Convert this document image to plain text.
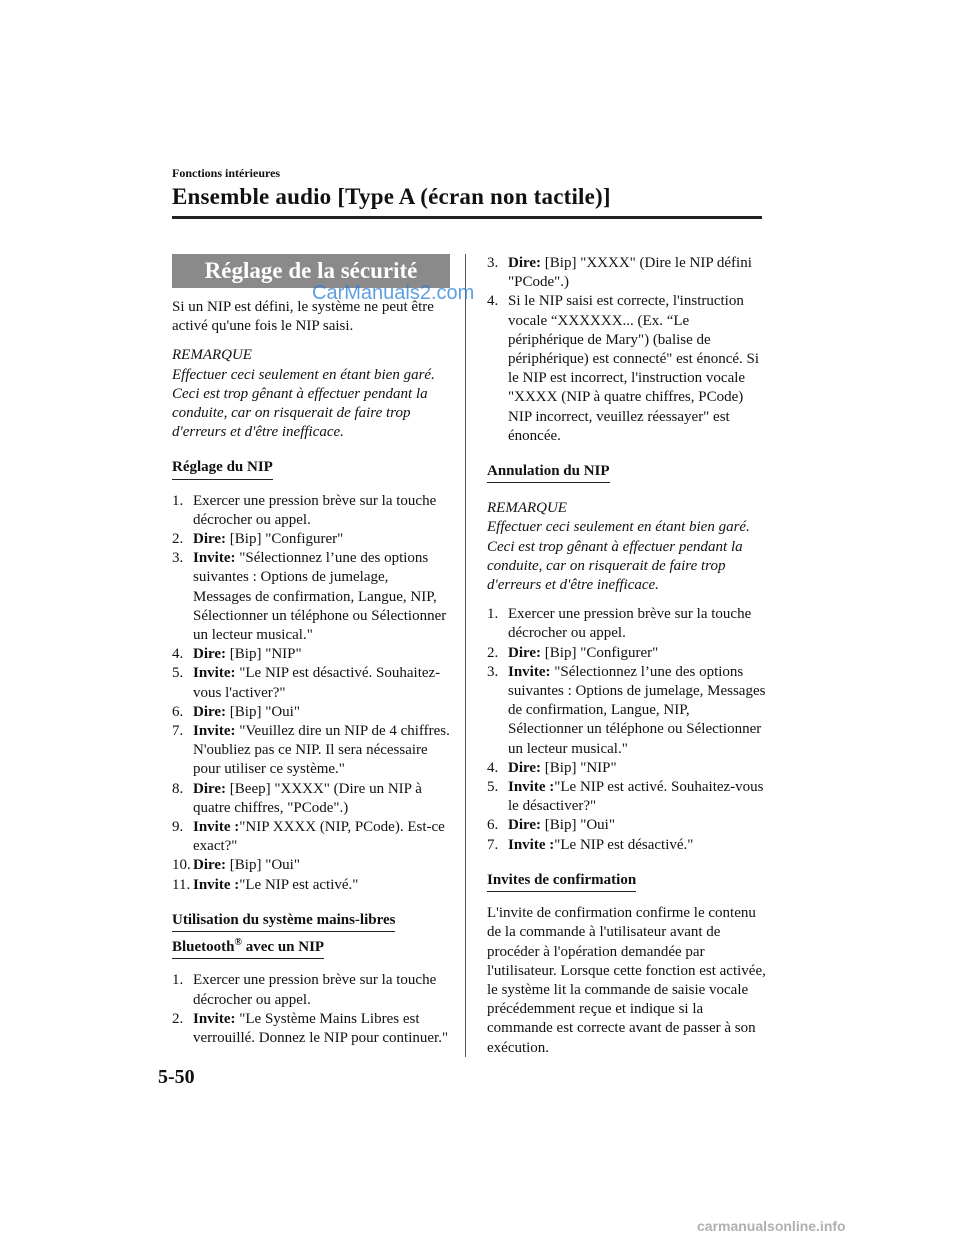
Fonctions intérieures
Ensemble audio [Type A (écran non tactile)]
Réglage de la sécurité

Si un NIP est défini, le système ne peut être activé qu'une fois le NIP saisi.

REMARQUE
Effectuer ceci seulement en étant bien garé. Ceci est trop gênant à effectuer pendant la conduite, car on risquerait de faire trop d'erreurs et d'être inefficace.
Réglage du NIP
1. Exercer une pression brève sur la touche décrocher ou appel.
2. Dire: [Bip] "Configurer"
3. Invite: "Sélectionnez l’une des options suivantes : Options de jumelage, Messages de confirmation, Langue, NIP, Sélectionner un téléphone ou Sélectionner un lecteur musical."
4. Dire: [Bip] "NIP"
5. Invite: "Le NIP est désactivé. Souhaitez-vous l'activer?"
6. Dire: [Bip] "Oui"
7. Invite: "Veuillez dire un NIP de 4 chiffres. N'oubliez pas ce NIP. Il sera nécessaire pour utiliser ce système."
8. Dire: [Beep] "XXXX" (Dire un NIP à quatre chiffres, "PCode".)
9. Invite :"NIP XXXX (NIP, PCode). Est-ce exact?"
10. Dire: [Bip] "Oui"
11. Invite :"Le NIP est activé."
Utilisation du système mains-libres
Bluetooth® avec un NIP
1. Exercer une pression brève sur la touche décrocher ou appel.
2. Invite: "Le Système Mains Libres est verrouillé. Donnez le NIP pour continuer."
3. Dire: [Bip] "XXXX" (Dire le NIP défini "PCode".)
4. Si le NIP saisi est correcte, l'instruction vocale “XXXXXX... (Ex. “Le périphérique de Mary") (balise de périphérique) est connecté" est énoncé. Si le NIP est incorrect, l'instruction vocale "XXXX (NIP à quatre chiffres, PCode) NIP incorrect, veuillez réessayer" est énoncée.
Annulation du NIP
REMARQUE
Effectuer ceci seulement en étant bien garé. Ceci est trop gênant à effectuer pendant la conduite, car on risquerait de faire trop d'erreurs et d'être inefficace.
1. Exercer une pression brève sur la touche décrocher ou appel.
2. Dire: [Bip] "Configurer"
3. Invite: "Sélectionnez l’une des options suivantes : Options de jumelage, Messages de confirmation, Langue, NIP, Sélectionner un téléphone ou Sélectionner un lecteur musical."
4. Dire: [Bip] "NIP"
5. Invite :"Le NIP est activé. Souhaitez-vous le désactiver?"
6. Dire: [Bip] "Oui"
7. Invite :"Le NIP est désactivé."
Invites de confirmation

L'invite de confirmation confirme le contenu de la commande à l'utilisateur avant de procéder à l'opération demandée par l'utilisateur. Lorsque cette fonction est activée, le système lit la commande de saisie vocale précédemment reçue et indique si la commande est correcte avant de passer à son exécution.

CarManuals2.com
5-50
carmanualsonline.info
